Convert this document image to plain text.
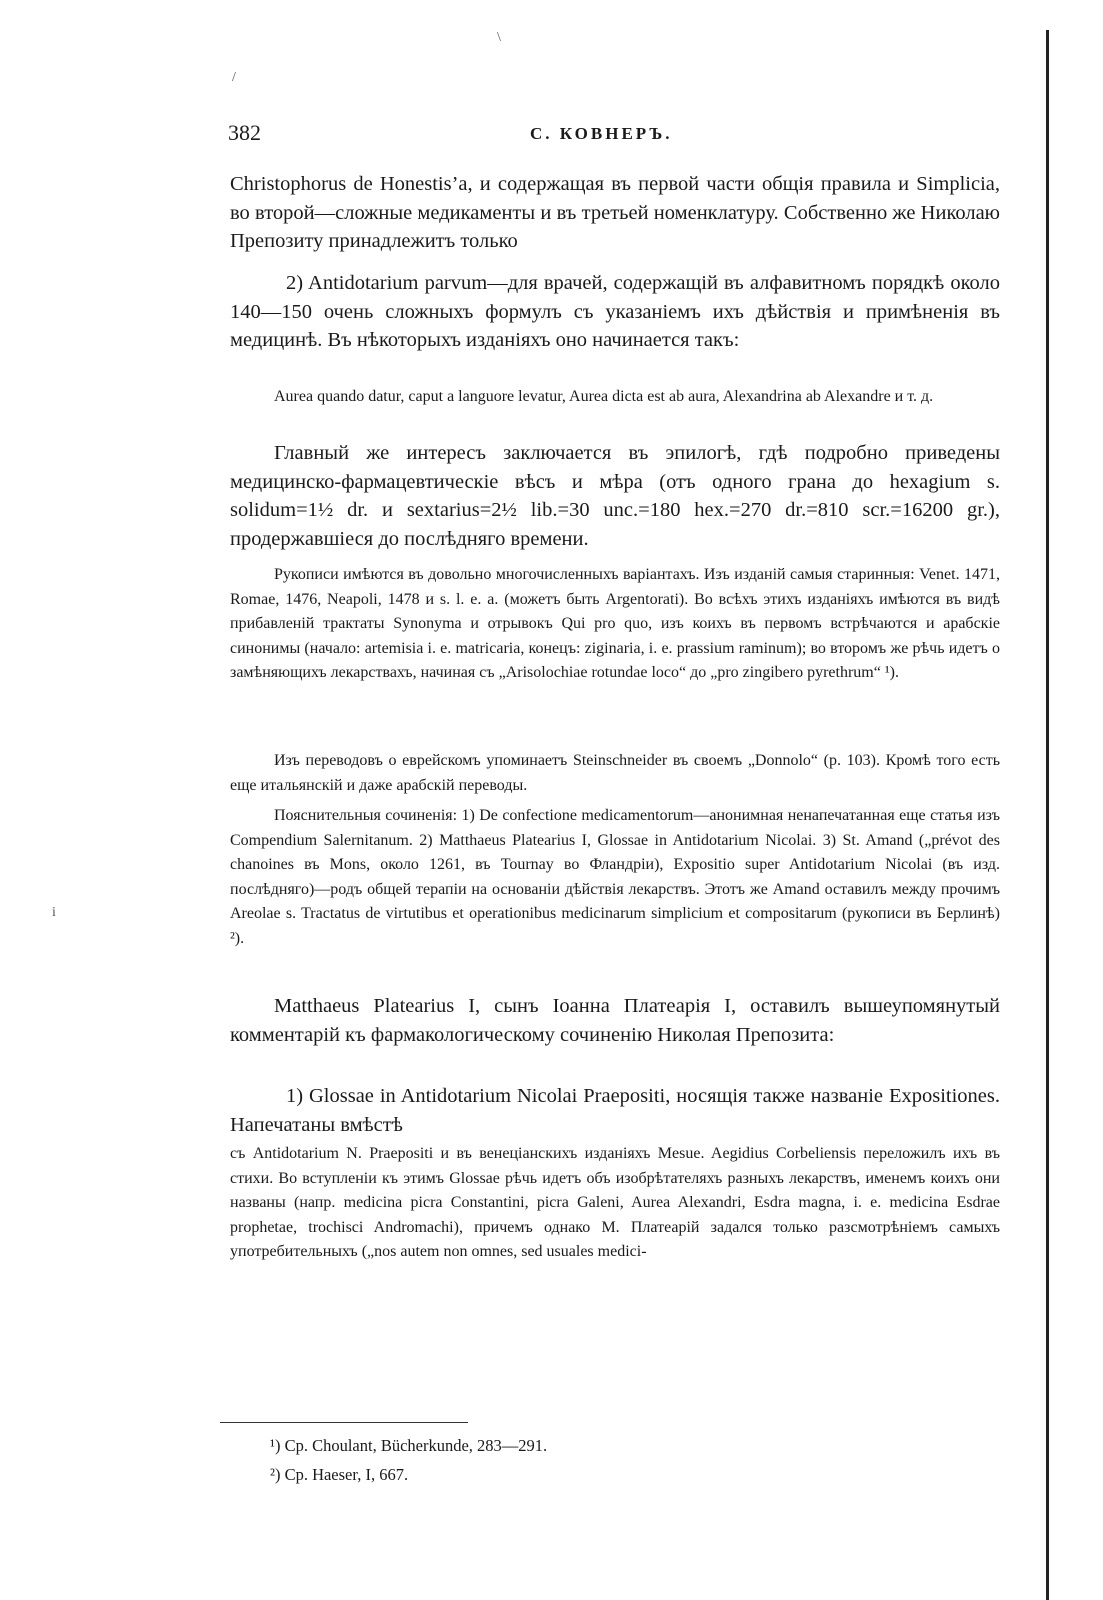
\
/
i
382	С. КОВНЕРЪ.
Christophorus de Honestis’а, и содержащая въ первой части общія правила и Simplicia, во второй—сложные медикаменты и въ третьей номенклатуру. Собственно же Николаю Препозиту принадлежитъ только
2) Antidotarium parvum—для врачей, содержащій въ алфавитномъ порядкѣ около 140—150 очень сложныхъ формулъ съ указаніемъ ихъ дѣйствія и примѣненія въ медицинѣ. Въ нѣкоторыхъ изданіяхъ оно начинается такъ:
Aurea quando datur, caput a languore levatur, Aurea dicta est ab aura, Alexandrina ab Alexandre и т. д.
Главный же интересъ заключается въ эпилогѣ, гдѣ подробно приведены медицинско-фармацевтическіе вѣсъ и мѣра (отъ одного грана до hexagium s. solidum=1½ dr. и sextarius=2½ lib.=30 unc.=180 hex.=270 dr.=810 scr.=16200 gr.), продержавшіеся до послѣдняго времени.
Рукописи имѣются въ довольно многочисленныхъ варіантахъ. Изъ изданій самыя старинныя: Venet. 1471, Romae, 1476, Neapoli, 1478 и s. l. e. a. (можетъ быть Argentorati). Во всѣхъ этихъ изданіяхъ имѣются въ видѣ прибавленій трактаты Synonyma и отрывокъ Qui pro quo, изъ коихъ въ первомъ встрѣчаются и арабскіе синонимы (начало: artemisia i. e. matricaria, конецъ: ziginaria, i. e. prassium raminum); во второмъ же рѣчь идетъ о замѣняющихъ лекарствахъ, начиная съ „Arisolochiae rotundae loco“ до „pro zingibero pyrethrum“ ¹).
Изъ переводовъ о еврейскомъ упоминаетъ Steinschneider въ своемъ „Donnolo“ (p. 103). Кромѣ того есть еще итальянскій и даже арабскій переводы.
Пояснительныя сочиненія: 1) De confectione medicamentorum—анонимная ненапечатанная еще статья изъ Compendium Salernitanum. 2) Matthaeus Platearius I, Glossae in Antidotarium Nicolai. 3) St. Amand („prévot des chanoines въ Mons, около 1261, въ Tournay во Фландріи), Expositio super Antidotarium Nicolai (въ изд. послѣдняго)—родъ общей терапіи на основаніи дѣйствія лекарствъ. Этотъ же Amand оставилъ между прочимъ Areolae s. Tractatus de virtutibus et operationibus medicinarum simplicium et compositarum (рукописи въ Берлинѣ) ²).
Matthaeus Platearius I, сынъ Іоанна Платеарія I, оставилъ вышеупомянутый комментарій къ фармакологическому сочиненію Николая Препозита:
1) Glossae in Antidotarium Nicolai Praepositi, носящія также названіе Expositiones. Напечатаны вмѣстѣ
съ Antidotarium N. Praepositi и въ венеціанскихъ изданіяхъ Mesue. Aegidius Corbeliensis переложилъ ихъ въ стихи. Во вступленіи къ этимъ Glossae рѣчь идетъ объ изобрѣтателяхъ разныхъ лекарствъ, именемъ коихъ они названы (напр. medicina picra Constantini, picra Galeni, Aurea Alexandri, Esdra magna, i. e. medicina Esdrae prophetae, trochisci Andromachi), причемъ однако М. Платеарій задался только разсмотрѣніемъ самыхъ употребительныхъ („nos autem non omnes, sed usuales medici-
¹) Ср. Choulant, Bücherkunde, 283—291.
²) Ср. Haeser, I, 667.
